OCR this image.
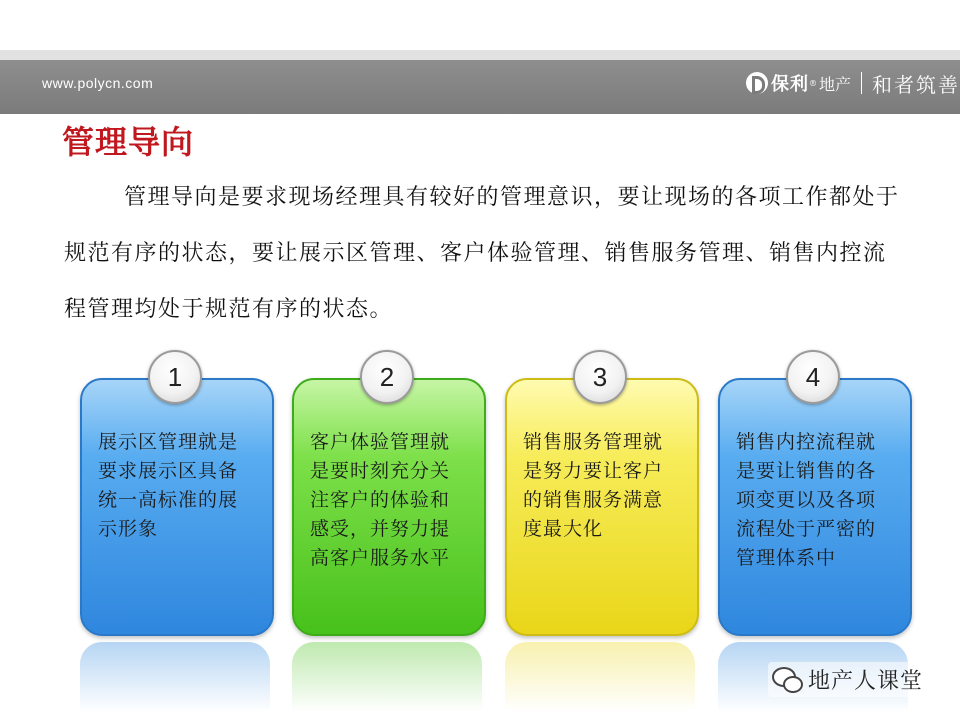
www.polycn.com	保利 ® 地产 和者筑善
管理导向

管理导向是要求现场经理具有较好的管理意识，要让现场的各项工作都处于规范有序的状态，要让展示区管理、客户体验管理、销售服务管理、销售内控流程管理均处于规范有序的状态。

展示区管理就是要求展示区具备统一高标准的展示形象

客户体验管理就是要时刻充分关注客户的体验和感受，并努力提高客户服务水平

销售服务管理就是努力要让客户的销售服务满意度最大化

销售内控流程就是要让销售的各项变更以及各项流程处于严密的管理体系中

1	2	3	4
地产人课堂
